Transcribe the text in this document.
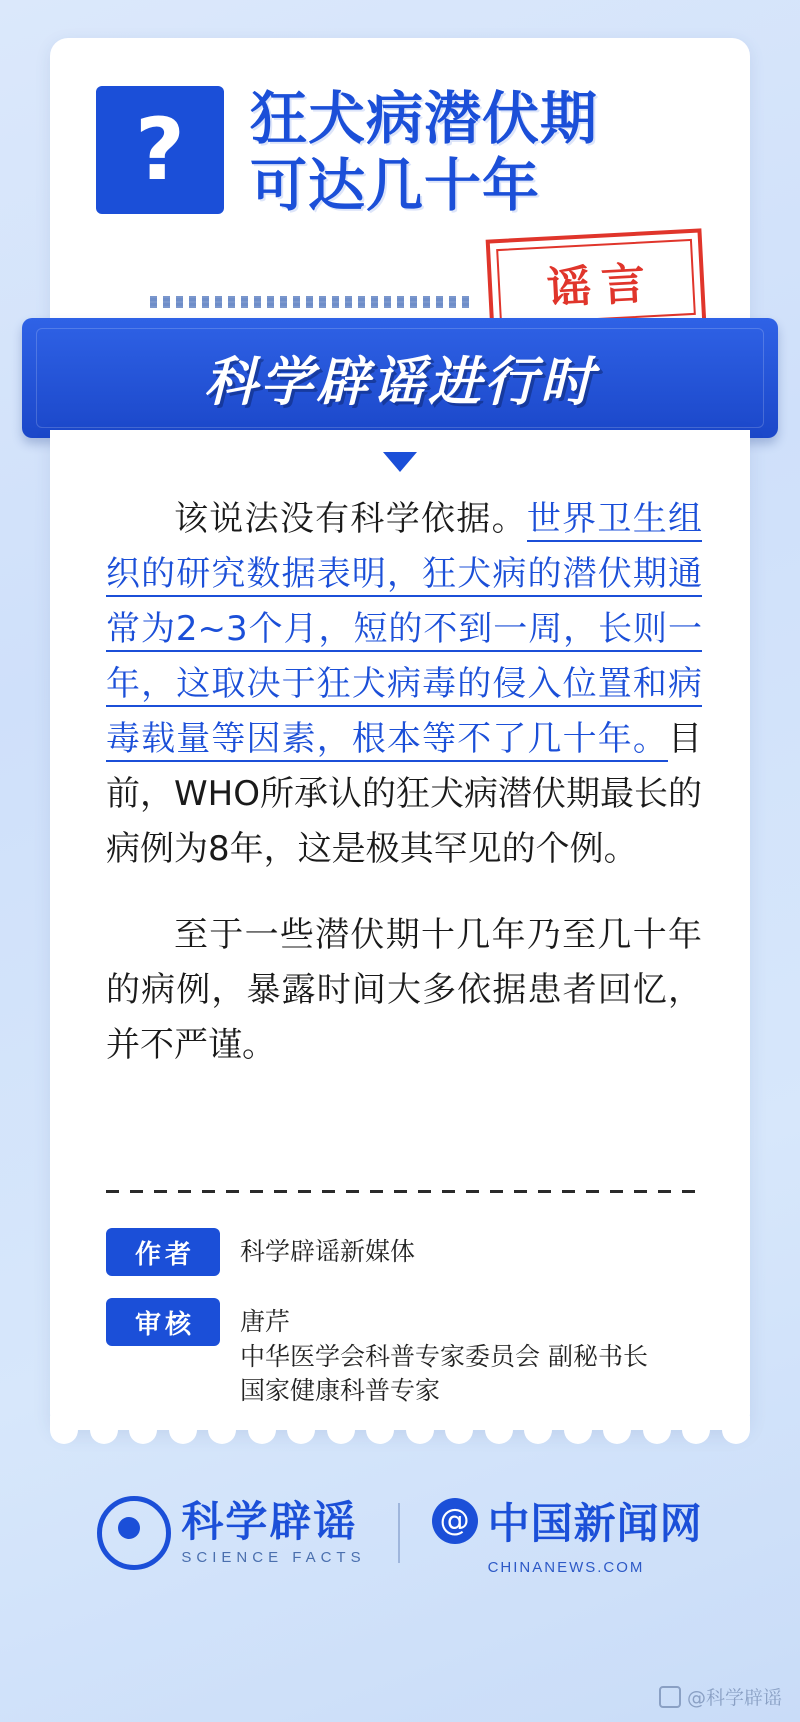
?	狂犬病潜伏期
可达几十年
谣言
科学辟谣进行时

该说法没有科学依据。世界卫生组织的研究数据表明，狂犬病的潜伏期通常为2~3个月，短的不到一周，长则一年，这取决于狂犬病毒的侵入位置和病毒载量等因素，根本等不了几十年。目前，WHO所承认的狂犬病潜伏期最长的病例为8年，这是极其罕见的个例。

至于一些潜伏期十几年乃至几十年的病例，暴露时间大多依据患者回忆，并不严谨。

作者	科学辟谣新媒体
审核	唐芹
中华医学会科普专家委员会 副秘书长
国家健康科普专家
科学辟谣
SCIENCE FACTS
@ 中国新闻网
CHINANEWS.COM
@科学辟谣
